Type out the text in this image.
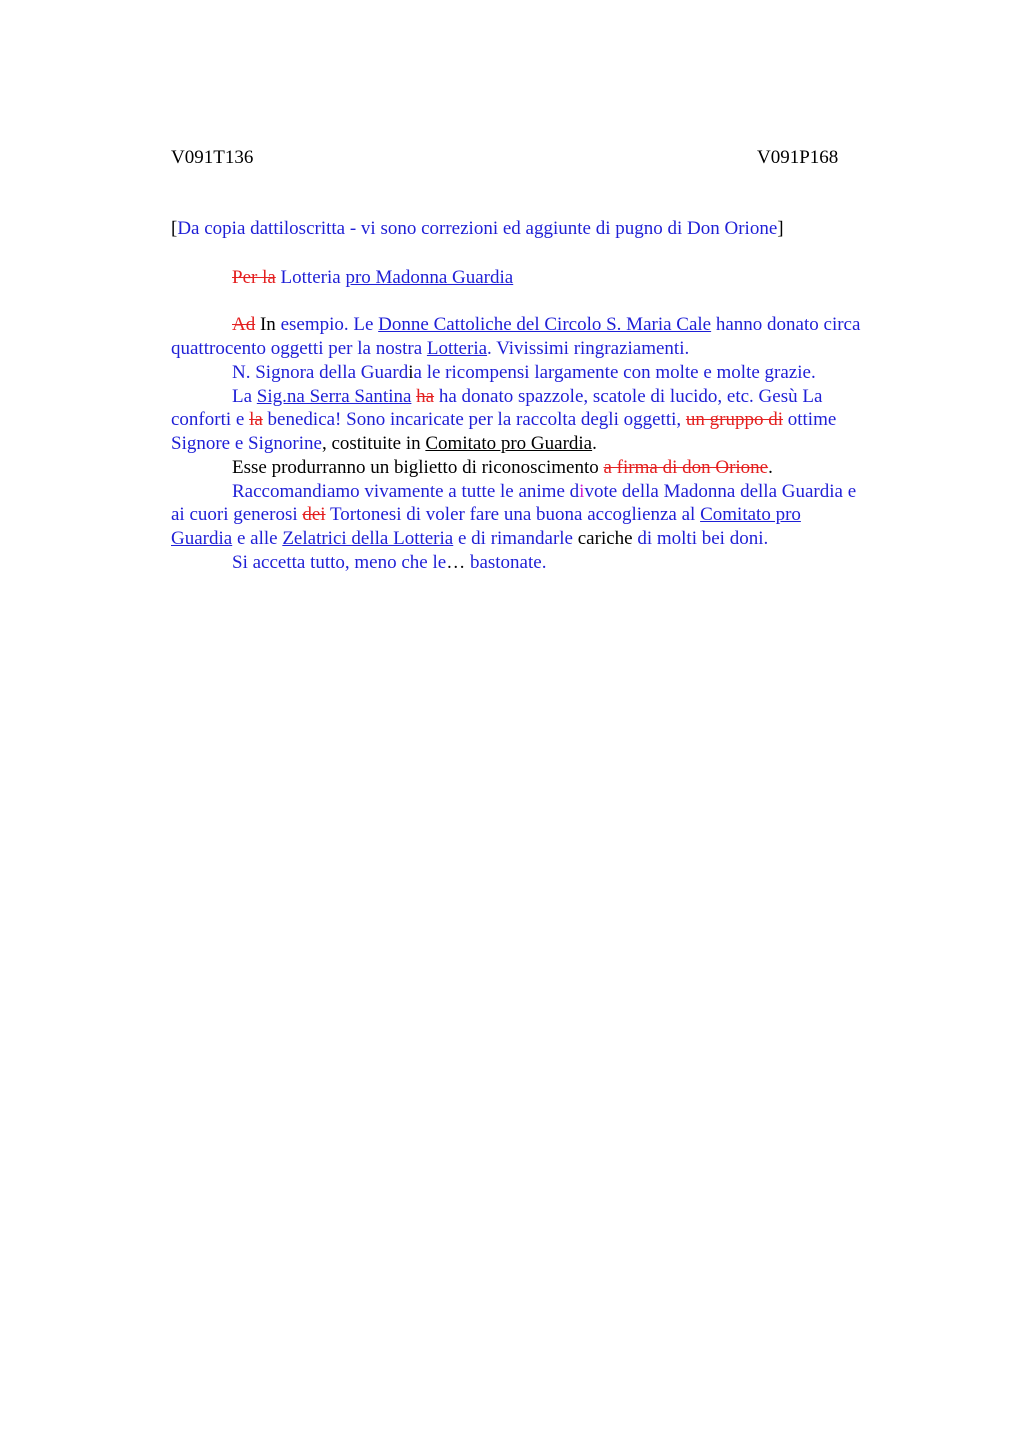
V091T136	V091P168
[Da copia dattiloscritta - vi sono correzioni ed aggiunte di pugno di Don Orione]
Per la Lotteria pro Madonna Guardia
Ad In esempio. Le Donne Cattoliche del Circolo S. Maria Cale hanno donato circa
quattrocento oggetti per la nostra Lotteria. Vivissimi ringraziamenti.
N. Signora della Guardia le ricompensi largamente con molte e molte grazie.
La Sig.na Serra Santina ha ha donato spazzole, scatole di lucido, etc. Gesù La
conforti e la benedica! Sono incaricate per la raccolta degli oggetti, un gruppo di ottime
Signore e Signorine, costituite in Comitato pro Guardia.
Esse produrranno un biglietto di riconoscimento a firma di don Orione.
Raccomandiamo vivamente a tutte le anime divote della Madonna della Guardia e
ai cuori generosi dei Tortonesi di voler fare una buona accoglienza al Comitato pro
Guardia e alle Zelatrici della Lotteria e di rimandarle cariche di molti bei doni.
Si accetta tutto, meno che le… bastonate.
